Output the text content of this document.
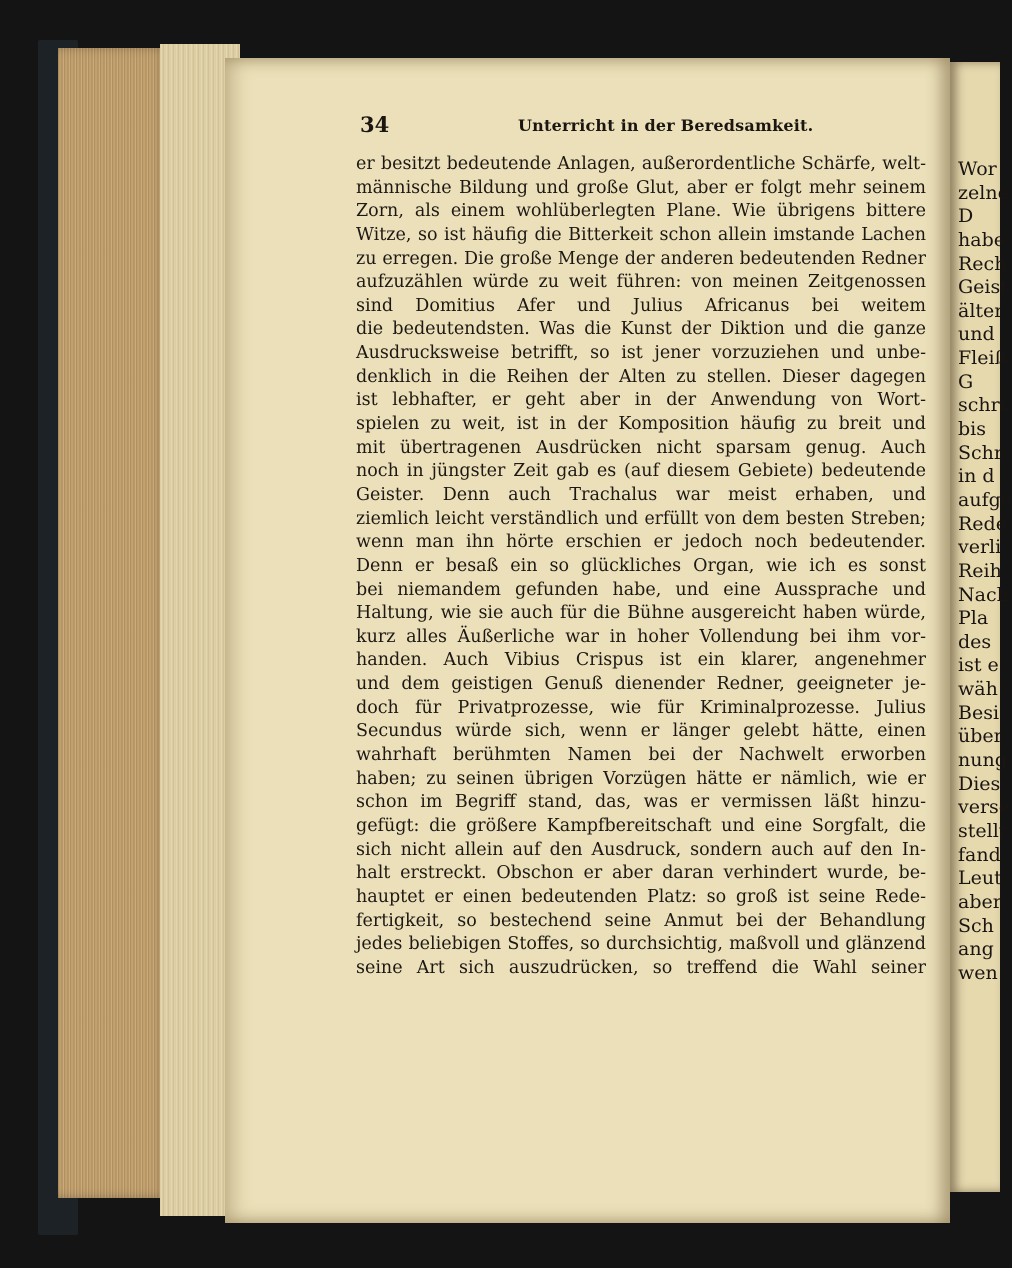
34	Unterricht in der Beredsamkeit.
er besitzt bedeutende Anlagen, außerordentliche Schärfe, welt-
männische Bildung und große Glut, aber er folgt mehr seinem
Zorn, als einem wohlüberlegten Plane. Wie übrigens bittere
Witze, so ist häufig die Bitterkeit schon allein imstande Lachen
zu erregen. Die große Menge der anderen bedeutenden Redner
aufzuzählen würde zu weit führen: von meinen Zeitgenossen
sind Domitius Afer und Julius Africanus bei weitem
die bedeutendsten. Was die Kunst der Diktion und die ganze
Ausdrucksweise betrifft, so ist jener vorzuziehen und unbe-
denklich in die Reihen der Alten zu stellen. Dieser dagegen
ist lebhafter, er geht aber in der Anwendung von Wort-
spielen zu weit, ist in der Komposition häufig zu breit und
mit übertragenen Ausdrücken nicht sparsam genug. Auch
noch in jüngster Zeit gab es (auf diesem Gebiete) bedeutende
Geister. Denn auch Trachalus war meist erhaben, und
ziemlich leicht verständlich und erfüllt von dem besten Streben;
wenn man ihn hörte erschien er jedoch noch bedeutender.
Denn er besaß ein so glückliches Organ, wie ich es sonst
bei niemandem gefunden habe, und eine Aussprache und
Haltung, wie sie auch für die Bühne ausgereicht haben würde,
kurz alles Äußerliche war in hoher Vollendung bei ihm vor-
handen. Auch Vibius Crispus ist ein klarer, angenehmer
und dem geistigen Genuß dienender Redner, geeigneter je-
doch für Privatprozesse, wie für Kriminalprozesse. Julius
Secundus würde sich, wenn er länger gelebt hätte, einen
wahrhaft berühmten Namen bei der Nachwelt erworben
haben; zu seinen übrigen Vorzügen hätte er nämlich, wie er
schon im Begriff stand, das, was er vermissen läßt hinzu-
gefügt: die größere Kampfbereitschaft und eine Sorgfalt, die
sich nicht allein auf den Ausdruck, sondern auch auf den In-
halt erstreckt. Obschon er aber daran verhindert wurde, be-
hauptet er einen bedeutenden Platz: so groß ist seine Rede-
fertigkeit, so bestechend seine Anmut bei der Behandlung
jedes beliebigen Stoffes, so durchsichtig, maßvoll und glänzend
seine Art sich auszudrücken, so treffend die Wahl seiner
Wor
zelne
D
habe
Rech
Geist
älter
und
Fleiß
G
schri
bis
Schr
in d
aufge
Rede
verli
Reih
Nach
Pla
des
ist e
wäh
Besi
über
nung
Dies
verse
stellt
fand
Leut
aber
Sch
ang
wen
